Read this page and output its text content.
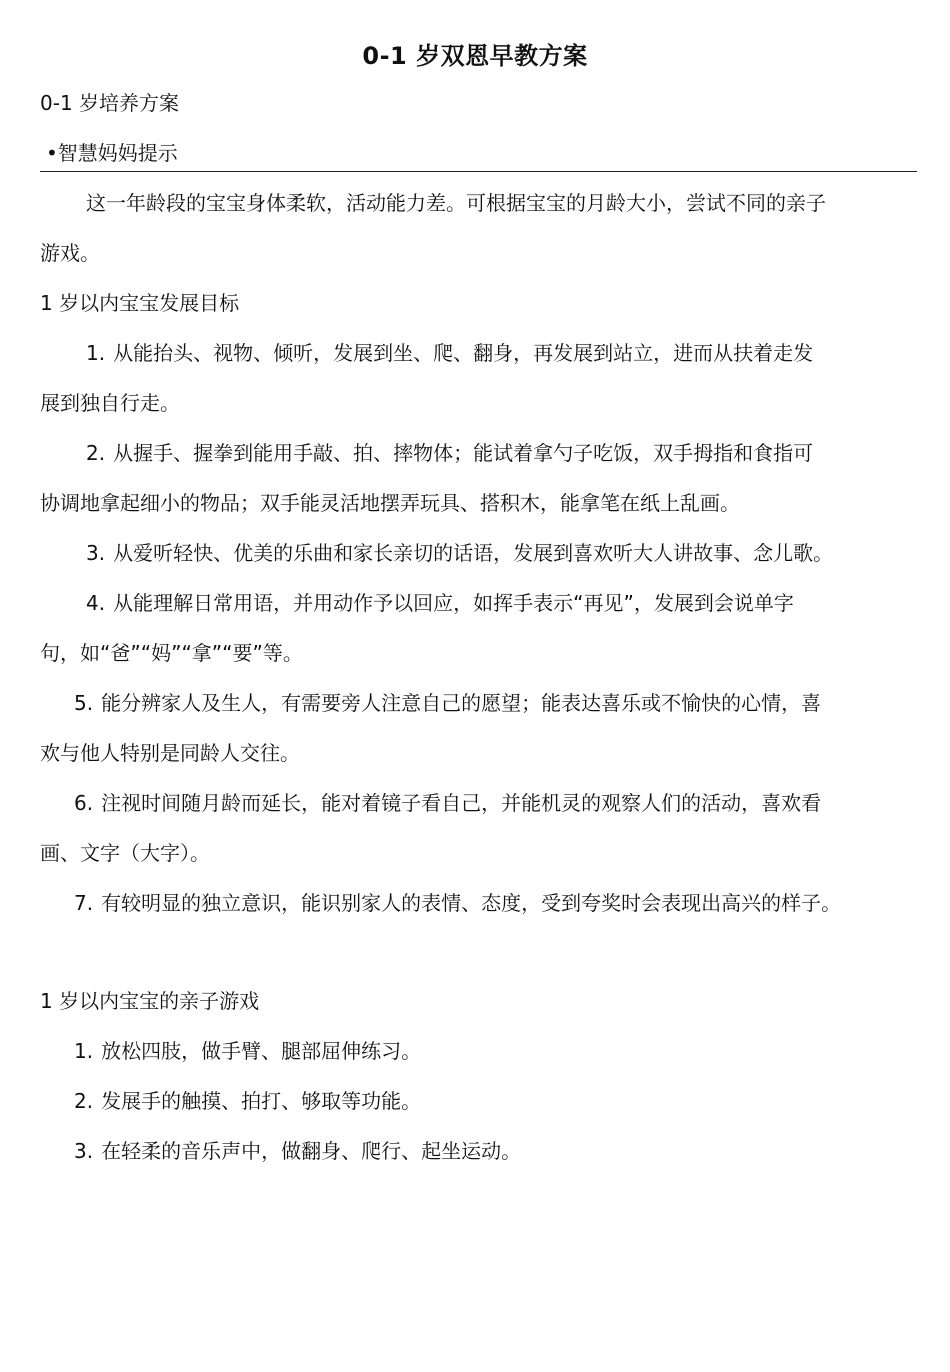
0-1 岁双恩早教方案
0-1 岁培养方案
•智慧妈妈提示
这一年龄段的宝宝身体柔软，活动能力差。可根据宝宝的月龄大小，尝试不同的亲子
游戏。
1 岁以内宝宝发展目标
1. 从能抬头、视物、倾听，发展到坐、爬、翻身，再发展到站立，进而从扶着走发
展到独自行走。
2. 从握手、握拳到能用手敲、拍、摔物体；能试着拿勺子吃饭，双手拇指和食指可
协调地拿起细小的物品；双手能灵活地摆弄玩具、搭积木，能拿笔在纸上乱画。
3. 从爱听轻快、优美的乐曲和家长亲切的话语，发展到喜欢听大人讲故事、念儿歌。
4. 从能理解日常用语，并用动作予以回应，如挥手表示“再见”，发展到会说单字
句，如“爸”“妈”“拿”“要”等。
5. 能分辨家人及生人，有需要旁人注意自己的愿望；能表达喜乐或不愉快的心情，喜
欢与他人特别是同龄人交往。
6. 注视时间随月龄而延长，能对着镜子看自己，并能机灵的观察人们的活动，喜欢看
画、文字（大字）。
7. 有较明显的独立意识，能识别家人的表情、态度，受到夸奖时会表现出高兴的样子。
1 岁以内宝宝的亲子游戏
1. 放松四肢，做手臂、腿部屈伸练习。
2. 发展手的触摸、拍打、够取等功能。
3. 在轻柔的音乐声中，做翻身、爬行、起坐运动。
